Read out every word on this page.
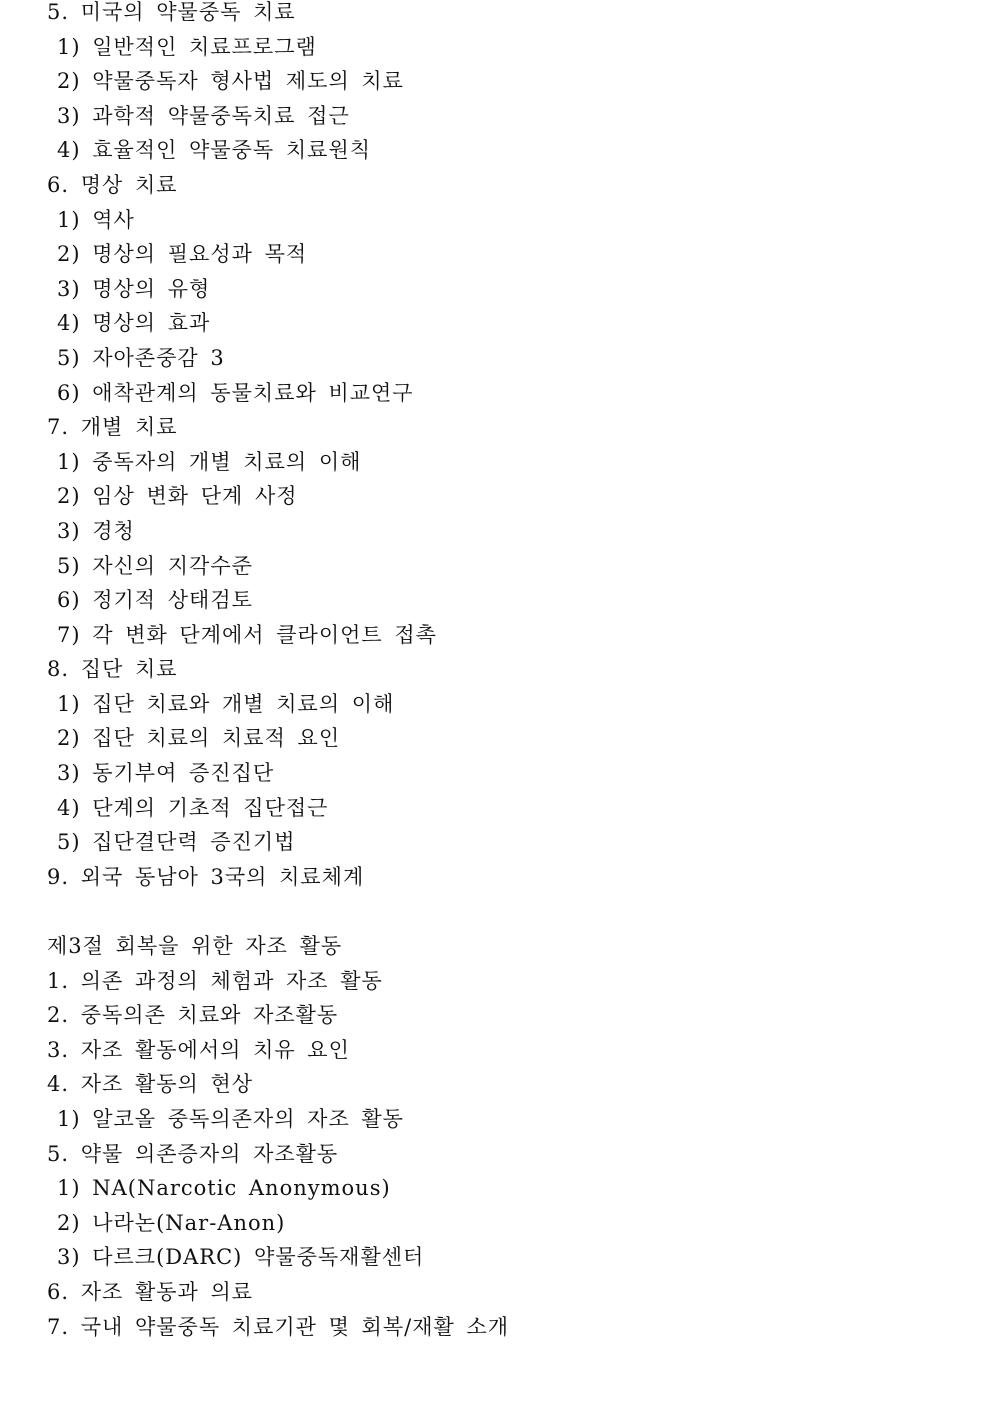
5. 미국의 약물중독 치료
1) 일반적인 치료프로그램
2) 약물중독자 형사법 제도의 치료
3) 과학적 약물중독치료 접근
4) 효율적인 약물중독 치료원칙
6. 명상 치료
1) 역사
2) 명상의 필요성과 목적
3) 명상의 유형
4) 명상의 효과
5) 자아존중감 3
6) 애착관계의 동물치료와 비교연구
7. 개별 치료
1) 중독자의 개별 치료의 이해
2) 임상 변화 단계 사정
3) 경청
5) 자신의 지각수준
6) 정기적 상태검토
7) 각 변화 단계에서 클라이언트 접촉
8. 집단 치료
1) 집단 치료와 개별 치료의 이해
2) 집단 치료의 치료적 요인
3) 동기부여 증진집단
4) 단계의 기초적 집단접근
5) 집단결단력 증진기법
9. 외국 동남아 3국의 치료체계
제3절 회복을 위한 자조 활동
1. 의존 과정의 체험과 자조 활동
2. 중독의존 치료와 자조활동
3. 자조 활동에서의 치유 요인
4. 자조 활동의 현상
1) 알코올 중독의존자의 자조 활동
5. 약물 의존증자의 자조활동
1) NA(Narcotic Anonymous)
2) 나라논(Nar-Anon)
3) 다르크(DARC) 약물중독재활센터
6. 자조 활동과 의료
7. 국내 약물중독 치료기관 몇 회복/재활 소개
